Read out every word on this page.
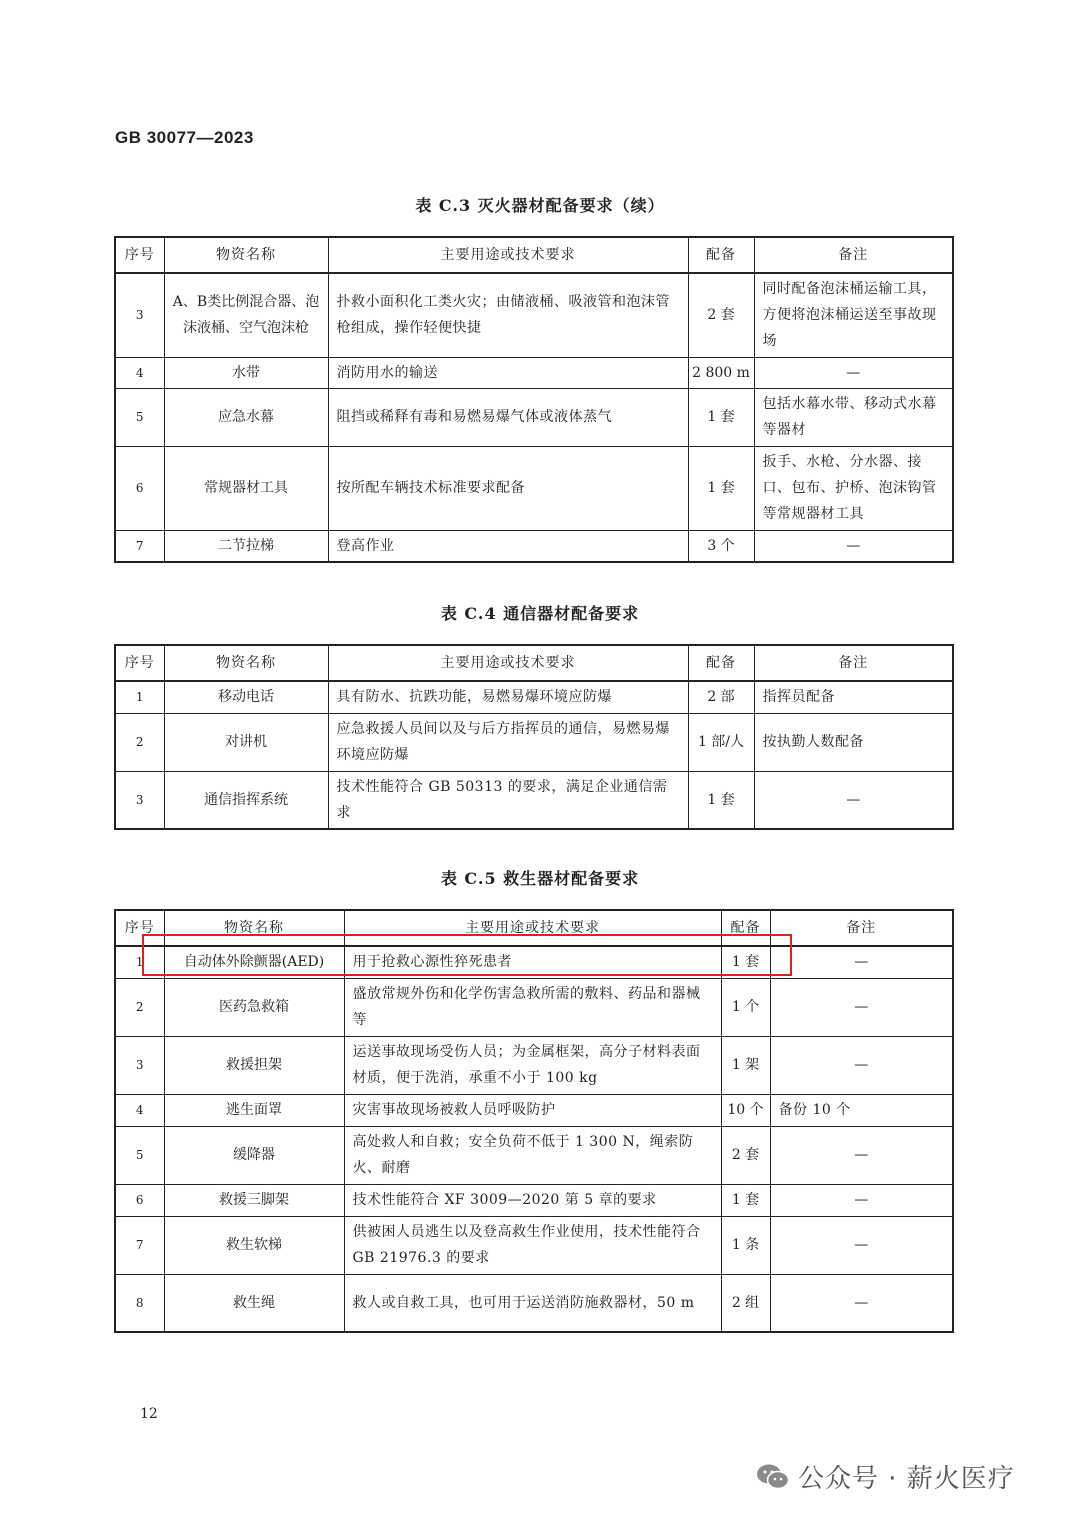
GB 30077—2023
表 C.3 灭火器材配备要求（续）
序号	物资名称	主要用途或技术要求	配备	备注
3	A、B类比例混合器、泡沫液桶、空气泡沫枪	扑救小面积化工类火灾；由储液桶、吸液管和泡沫管枪组成，操作轻便快捷	2 套	同时配备泡沫桶运输工具，方便将泡沫桶运送至事故现场
4	水带	消防用水的输送	2 800 m	—
5	应急水幕	阻挡或稀释有毒和易燃易爆气体或液体蒸气	1 套	包括水幕水带、移动式水幕等器材
6	常规器材工具	按所配车辆技术标准要求配备	1 套	扳手、水枪、分水器、接口、包布、护桥、泡沫钩管等常规器材工具
7	二节拉梯	登高作业	3 个	—
表 C.4 通信器材配备要求
序号	物资名称	主要用途或技术要求	配备	备注
1	移动电话	具有防水、抗跌功能，易燃易爆环境应防爆	2 部	指挥员配备
2	对讲机	应急救援人员间以及与后方指挥员的通信，易燃易爆环境应防爆	1 部/人	按执勤人数配备
3	通信指挥系统	技术性能符合 GB 50313 的要求，满足企业通信需求	1 套	—
表 C.5 救生器材配备要求
序号	物资名称	主要用途或技术要求	配备	备注
1	自动体外除颤器(AED)	用于抢救心源性猝死患者	1 套	—
2	医药急救箱	盛放常规外伤和化学伤害急救所需的敷料、药品和器械等	1 个	—
3	救援担架	运送事故现场受伤人员；为金属框架，高分子材料表面材质，便于洗消，承重不小于 100 kg	1 架	—
4	逃生面罩	灾害事故现场被救人员呼吸防护	10 个	备份 10 个
5	缓降器	高处救人和自救；安全负荷不低于 1 300 N，绳索防火、耐磨	2 套	—
6	救援三脚架	技术性能符合 XF 3009—2020 第 5 章的要求	1 套	—
7	救生软梯	供被困人员逃生以及登高救生作业使用，技术性能符合 GB 21976.3 的要求	1 条	—
8	救生绳	救人或自救工具，也可用于运送消防施救器材，50 m	2 组	—
12
公众号 · 薪火医疗
